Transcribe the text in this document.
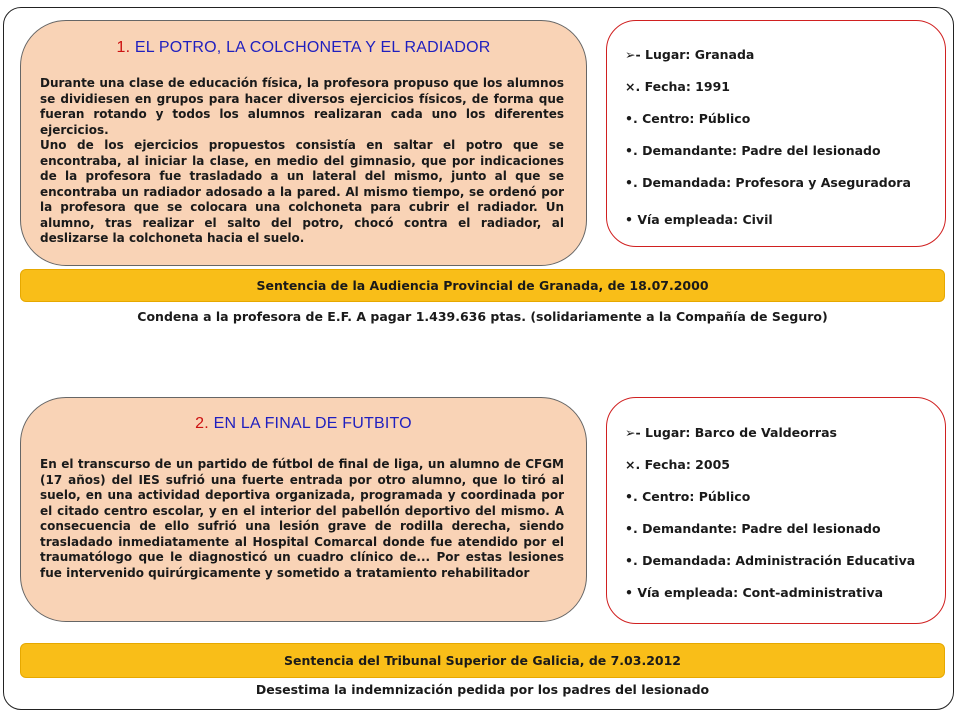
1. EL POTRO, LA COLCHONETA Y EL RADIADOR

Durante una clase de educación física, la profesora propuso que los alumnos se dividiesen en grupos para hacer diversos ejercicios físicos, de forma que fueran rotando y todos los alumnos realizaran cada uno los diferentes ejercicios.

Uno de los ejercicios propuestos consistía en saltar el potro que se encontraba, al iniciar la clase, en medio del gimnasio, que por indicaciones de la profesora fue trasladado a un lateral del mismo, junto al que se encontraba un radiador adosado a la pared. Al mismo tiempo, se ordenó por la profesora que se colocara una colchoneta para cubrir el radiador. Un alumno, tras realizar el salto del potro, chocó contra el radiador, al deslizarse la colchoneta hacia el suelo.

➢- Lugar: Granada
×. Fecha: 1991
•. Centro: Público
•. Demandante: Padre del lesionado
•. Demandada: Profesora y Aseguradora
• Vía empleada: Civil
Sentencia de la Audiencia Provincial de Granada, de 18.07.2000
Condena a la profesora de E.F. A pagar 1.439.636 ptas. (solidariamente a la Compañía de Seguro)
2. EN LA FINAL DE FUTBITO

En el transcurso de un partido de fútbol de final de liga, un alumno de CFGM (17 años) del IES sufrió una fuerte entrada por otro alumno, que lo tiró al suelo, en una actividad deportiva organizada, programada y coordinada por el citado centro escolar, y en el interior del pabellón deportivo del mismo. A consecuencia de ello sufrió una lesión grave de rodilla derecha, siendo trasladado inmediatamente al Hospital Comarcal donde fue atendido por el traumatólogo que le diagnosticó un cuadro clínico de... Por estas lesiones fue intervenido quirúrgicamente y sometido a tratamiento rehabilitador

➢- Lugar: Barco de Valdeorras
×. Fecha: 2005
•. Centro: Público
•. Demandante: Padre del lesionado
•. Demandada: Administración Educativa
• Vía empleada: Cont-administrativa
Sentencia del Tribunal Superior de Galicia, de 7.03.2012
Desestima la indemnización pedida por los padres del lesionado
